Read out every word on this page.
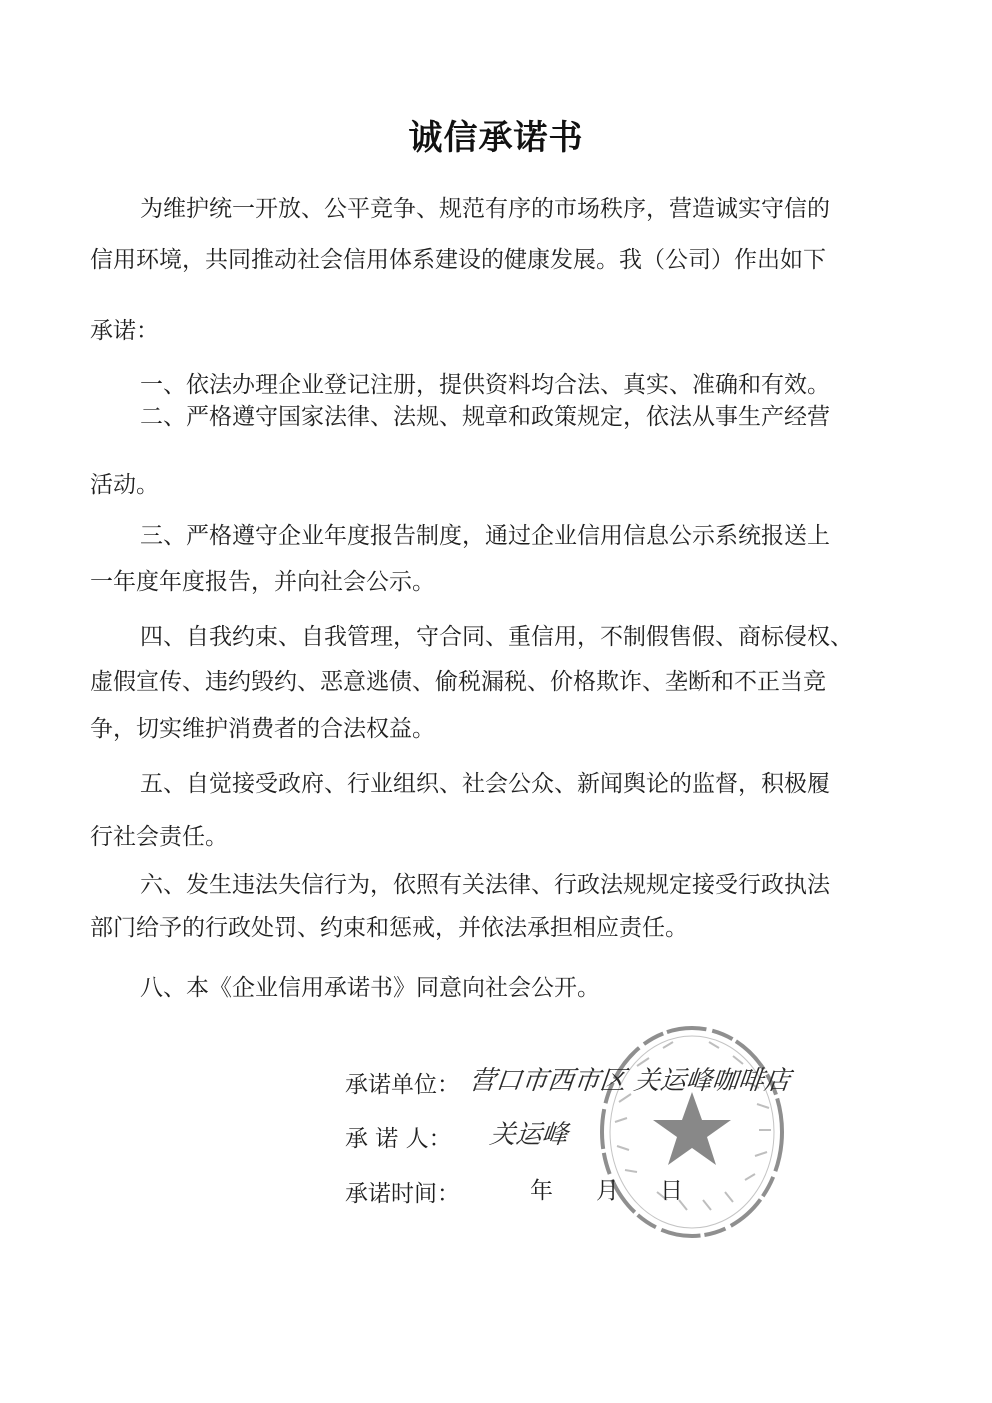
诚信承诺书
为维护统一开放、公平竞争、规范有序的市场秩序，营造诚实守信的
信用环境，共同推动社会信用体系建设的健康发展。我（公司）作出如下
承诺：
一、依法办理企业登记注册，提供资料均合法、真实、准确和有效。
二、严格遵守国家法律、法规、规章和政策规定，依法从事生产经营
活动。
三、严格遵守企业年度报告制度，通过企业信用信息公示系统报送上
一年度年度报告，并向社会公示。
四、自我约束、自我管理，守合同、重信用，不制假售假、商标侵权、
虚假宣传、违约毁约、恶意逃债、偷税漏税、价格欺诈、垄断和不正当竞
争，切实维护消费者的合法权益。
五、自觉接受政府、行业组织、社会公众、新闻舆论的监督，积极履
行社会责任。
六、发生违法失信行为，依照有关法律、行政法规规定接受行政执法
部门给予的行政处罚、约束和惩戒，并依法承担相应责任。
八、本《企业信用承诺书》同意向社会公开。
承诺单位： 营口市西市区 关运峰咖啡店
承 诺 人： 关运峰
承诺时间：	年 月 日
